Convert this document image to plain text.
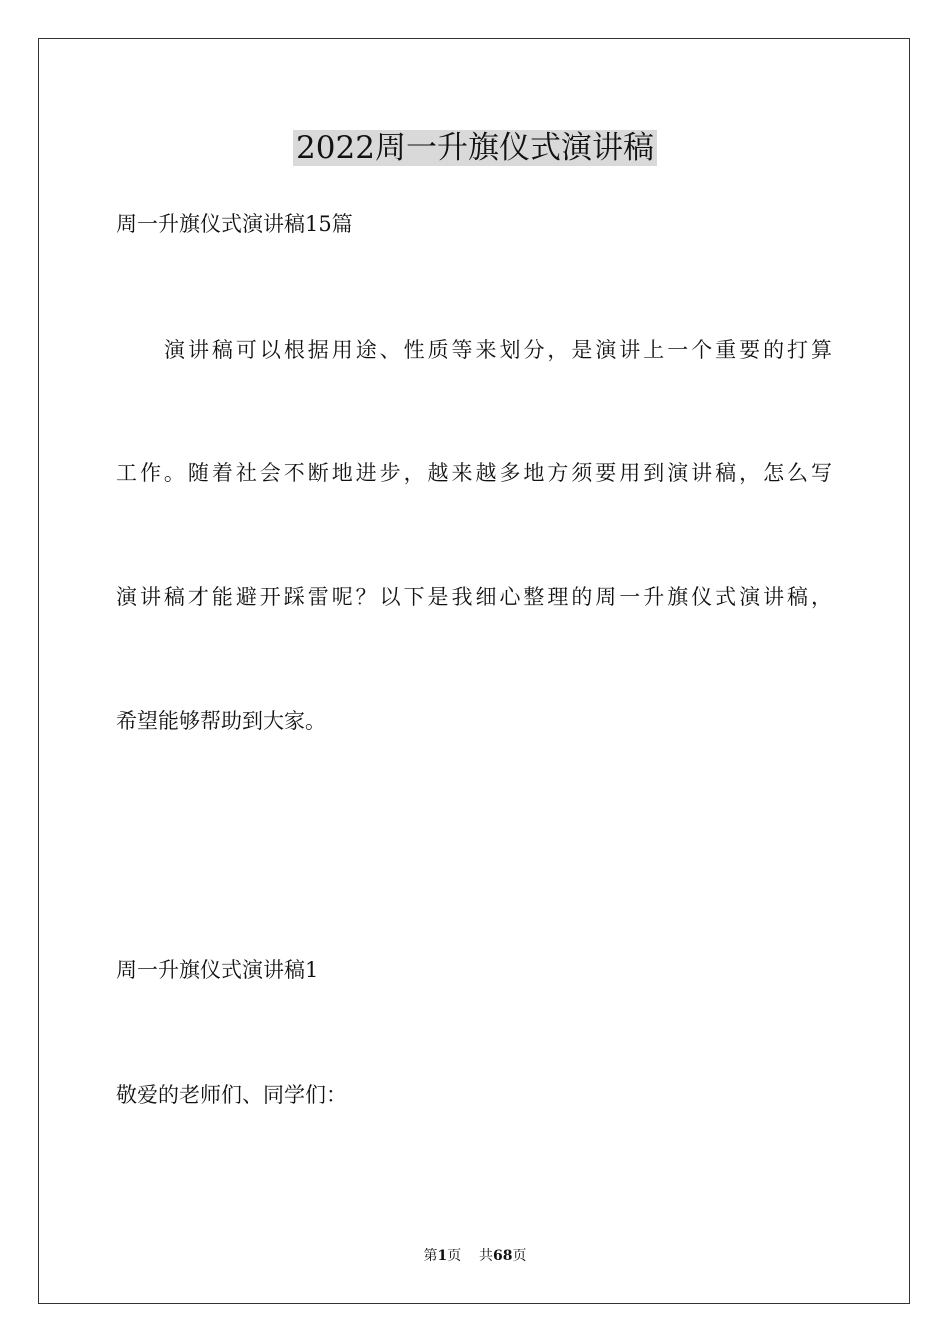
2022周一升旗仪式演讲稿

周一升旗仪式演讲稿15篇

演讲稿可以根据用途、性质等来划分，是演讲上一个重要的打算

工作。随着社会不断地进步，越来越多地方须要用到演讲稿，怎么写

演讲稿才能避开踩雷呢？以下是我细心整理的周一升旗仪式演讲稿，

希望能够帮助到大家。

周一升旗仪式演讲稿1

敬爱的老师们、同学们：

第1页 共68页
